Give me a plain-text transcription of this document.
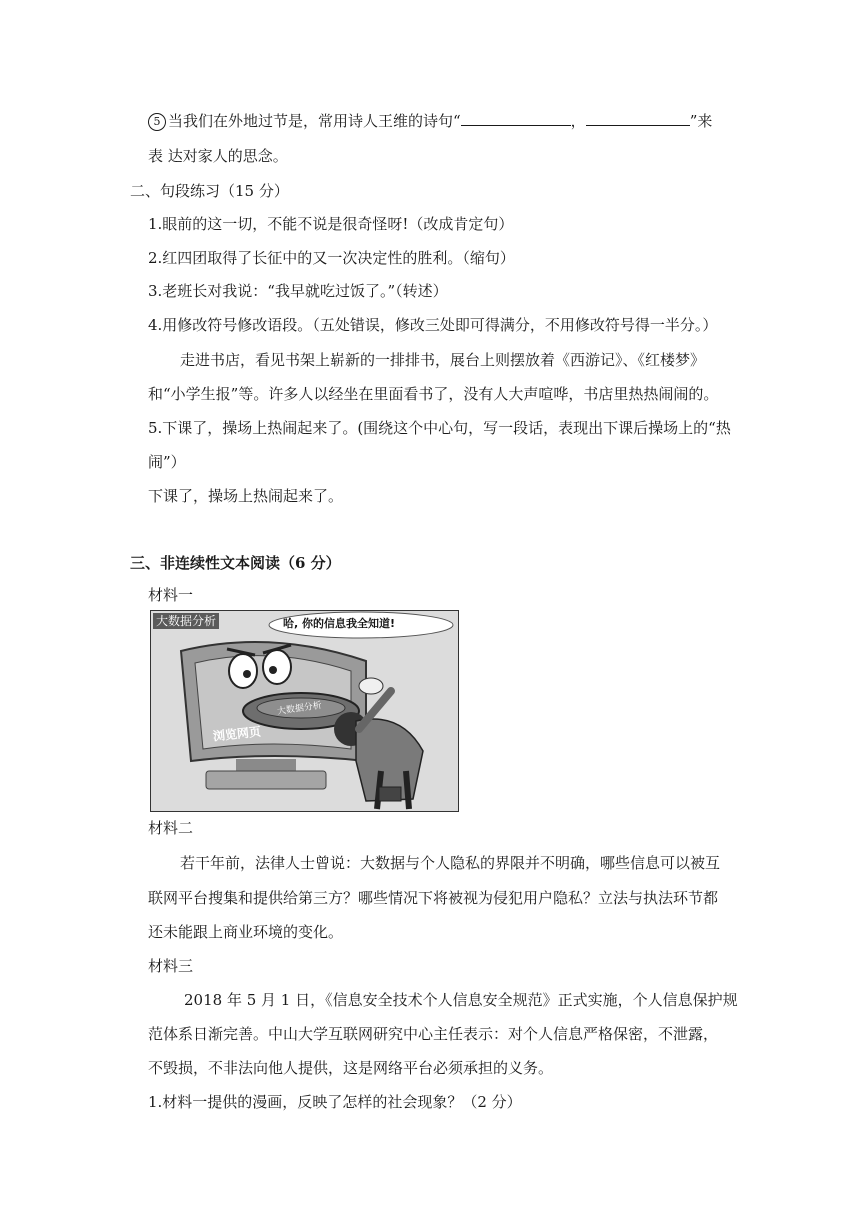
5 当我们在外地过节是，常用诗人王维的诗句“	，	”来
表 达对家人的思念。
二、句段练习（15 分）
1.眼前的这一切，不能不说是很奇怪呀!（改成肯定句）
2.红四团取得了长征中的又一次决定性的胜利。（缩句）
3.老班长对我说：“我早就吃过饭了。”（转述）
4.用修改符号修改语段。（五处错误，修改三处即可得满分，不用修改符号得一半分。）
走进书店，看见书架上崭新的一排排书，展台上则摆放着《西游记》、《红楼梦》
和“小学生报”等。许多人以经坐在里面看书了，没有人大声喧哗，书店里热热闹闹的。
5.下课了，操场上热闹起来了。(围绕这个中心句，写一段话，表现出下课后操场上的“热
闹”）
下课了，操场上热闹起来了。
三、非连续性文本阅读（6 分）
材料一
大数据分析	哈, 你的信息我全知道!
大数据分析
浏览网页
材料二
若干年前，法律人士曾说：大数据与个人隐私的界限并不明确，哪些信息可以被互
联网平台搜集和提供给第三方？哪些情况下将被视为侵犯用户隐私？立法与执法环节都
还未能跟上商业环境的变化。
材料三
2018 年 5 月 1 日，《信息安全技术个人信息安全规范》正式实施，个人信息保护规
范体系日渐完善。中山大学互联网研究中心主任表示：对个人信息严格保密，不泄露，
不毁损，不非法向他人提供，这是网络平台必须承担的义务。
1.材料一提供的漫画，反映了怎样的社会现象？（2 分）
